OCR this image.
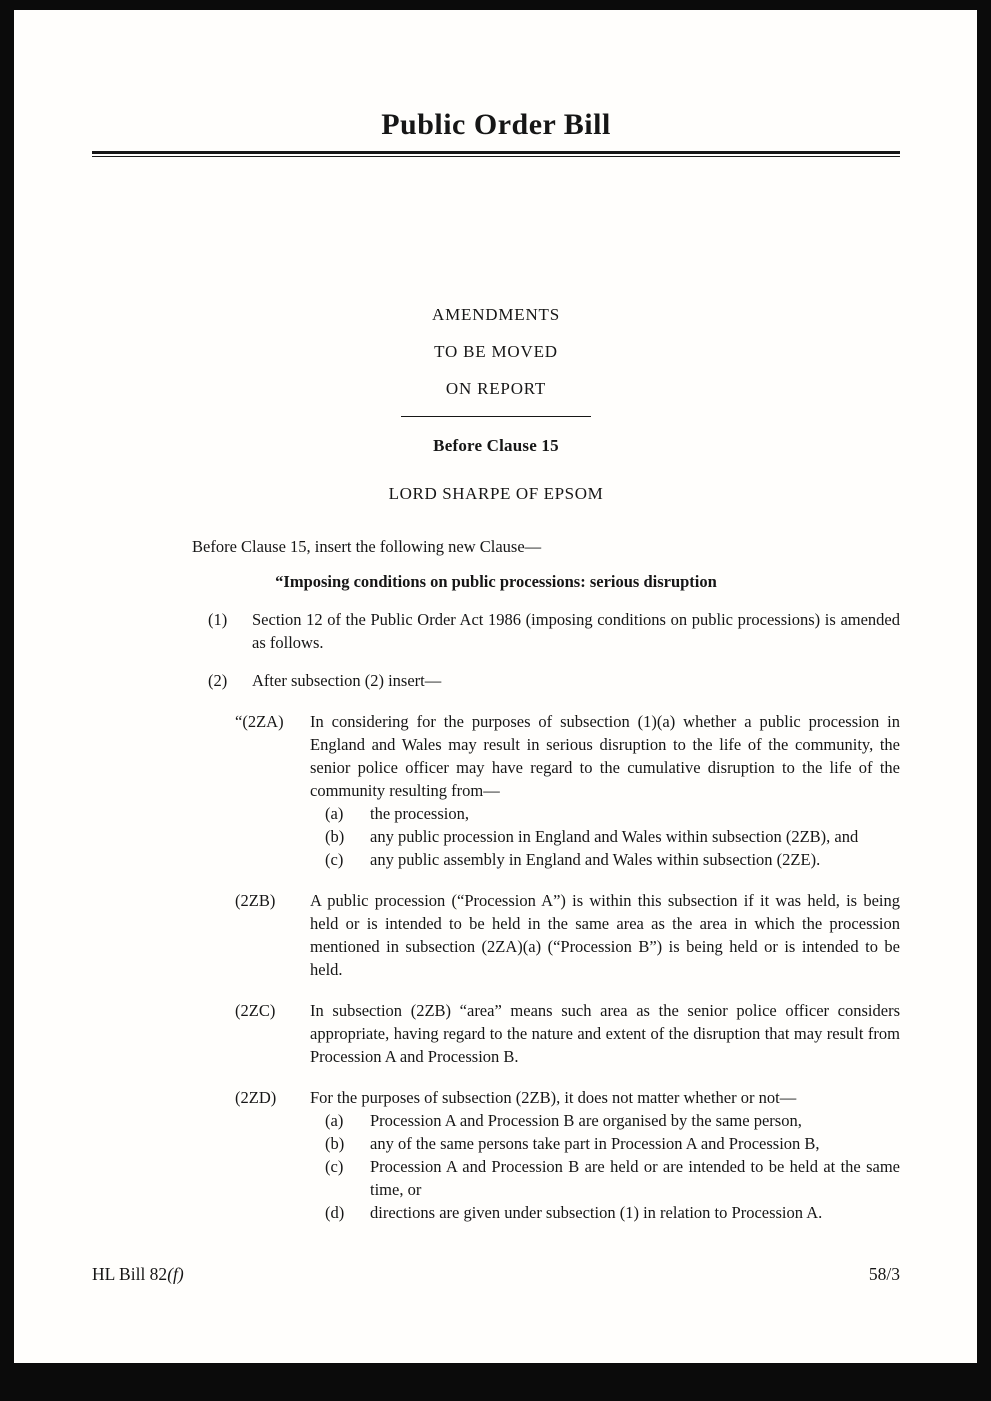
Public Order Bill
AMENDMENTS
TO BE MOVED
ON REPORT
Before Clause 15
LORD SHARPE OF EPSOM

Before Clause 15, insert the following new Clause—

“Imposing conditions on public processions: serious disruption

(1)	Section 12 of the Public Order Act 1986 (imposing conditions on public processions) is amended as follows.
(2)	After subsection (2) insert—
“(2ZA)	In considering for the purposes of subsection (1)(a) whether a public procession in England and Wales may result in serious disruption to the life of the community, the senior police officer may have regard to the cumulative disruption to the life of the community resulting from—
(a)	the procession,
(b)	any public procession in England and Wales within subsection (2ZB), and
(c)	any public assembly in England and Wales within subsection (2ZE).
(2ZB)	A public procession (“Procession A”) is within this subsection if it was held, is being held or is intended to be held in the same area as the area in which the procession mentioned in subsection (2ZA)(a) (“Procession B”) is being held or is intended to be held.
(2ZC)	In subsection (2ZB) “area” means such area as the senior police officer considers appropriate, having regard to the nature and extent of the disruption that may result from Procession A and Procession B.
(2ZD)	For the purposes of subsection (2ZB), it does not matter whether or not—
(a)	Procession A and Procession B are organised by the same person,
(b)	any of the same persons take part in Procession A and Procession B,
(c)	Procession A and Procession B are held or are intended to be held at the same time, or
(d)	directions are given under subsection (1) in relation to Procession A.
HL Bill 82(f)	58/3
